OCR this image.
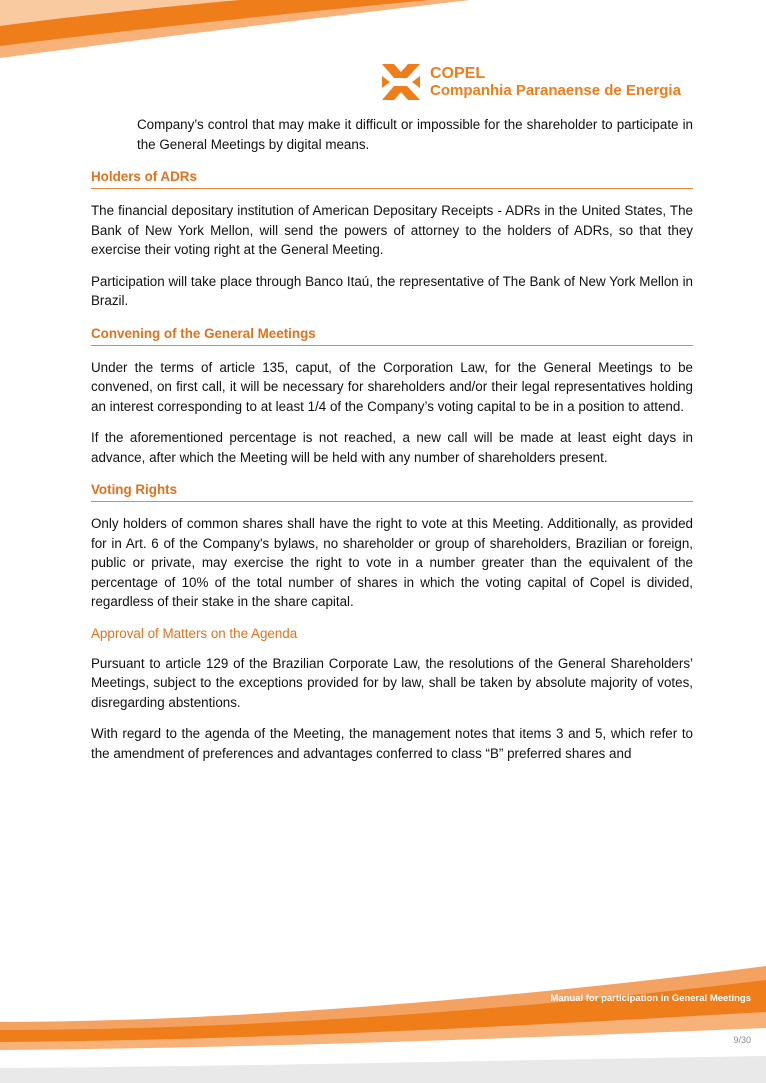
COPEL
Companhia Paranaense de Energia

Company’s control that may make it difficult or impossible for the shareholder to participate in the General Meetings by digital means.

Holders of ADRs

The financial depositary institution of American Depositary Receipts - ADRs in the United States, The Bank of New York Mellon, will send the powers of attorney to the holders of ADRs, so that they exercise their voting right at the General Meeting.

Participation will take place through Banco Itaú, the representative of The Bank of New York Mellon in Brazil.

Convening of the General Meetings

Under the terms of article 135, caput, of the Corporation Law, for the General Meetings to be convened, on first call, it will be necessary for shareholders and/or their legal representatives holding an interest corresponding to at least 1/4 of the Company’s voting capital to be in a position to attend.

If the aforementioned percentage is not reached, a new call will be made at least eight days in advance, after which the Meeting will be held with any number of shareholders present.

Voting Rights

Only holders of common shares shall have the right to vote at this Meeting. Additionally, as provided for in Art. 6 of the Company's bylaws, no shareholder or group of shareholders, Brazilian or foreign, public or private, may exercise the right to vote in a number greater than the equivalent of the percentage of 10% of the total number of shares in which the voting capital of Copel is divided, regardless of their stake in the share capital.

Approval of Matters on the Agenda

Pursuant to article 129 of the Brazilian Corporate Law, the resolutions of the General Shareholders’ Meetings, subject to the exceptions provided for by law, shall be taken by absolute majority of votes, disregarding abstentions.

With regard to the agenda of the Meeting, the management notes that items 3 and 5, which refer to the amendment of preferences and advantages conferred to class “B” preferred shares and

Manual for participation in General Meetings
9/30
